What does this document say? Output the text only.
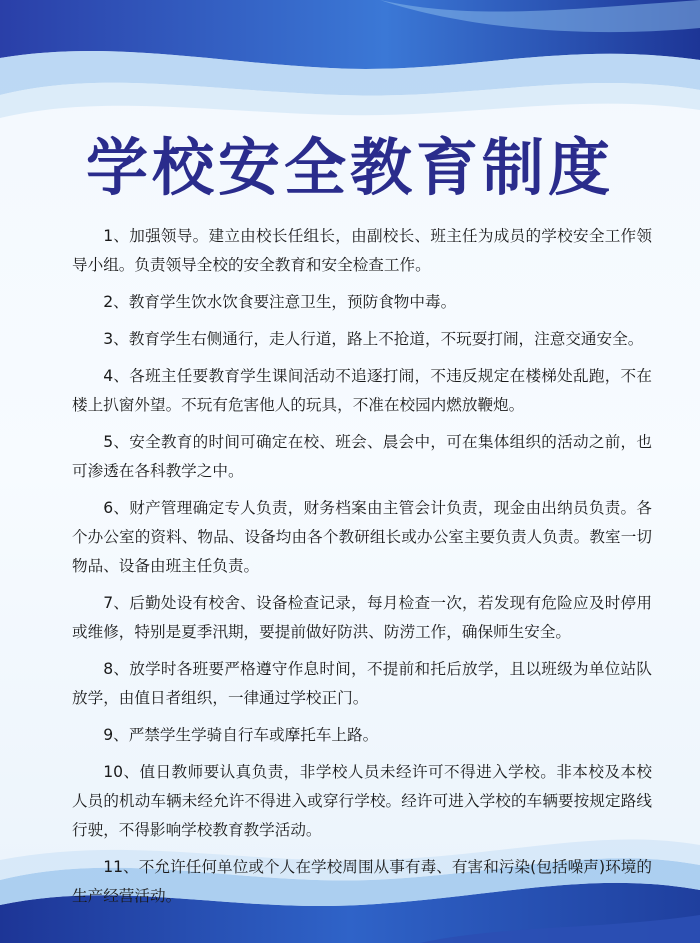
学校安全教育制度

1、加强领导。建立由校长任组长，由副校长、班主任为成员的学校安全工作领导小组。负责领导全校的安全教育和安全检查工作。

2、教育学生饮水饮食要注意卫生，预防食物中毒。

3、教育学生右侧通行，走人行道，路上不抢道，不玩耍打闹，注意交通安全。

4、各班主任要教育学生课间活动不追逐打闹，不违反规定在楼梯处乱跑，不在楼上扒窗外望。不玩有危害他人的玩具，不准在校园内燃放鞭炮。

5、安全教育的时间可确定在校、班会、晨会中，可在集体组织的活动之前，也可渗透在各科教学之中。

6、财产管理确定专人负责，财务档案由主管会计负责，现金由出纳员负责。各个办公室的资料、物品、设备均由各个教研组长或办公室主要负责人负责。教室一切物品、设备由班主任负责。

7、后勤处设有校舍、设备检查记录，每月检查一次，若发现有危险应及时停用或维修，特别是夏季汛期，要提前做好防洪、防涝工作，确保师生安全。

8、放学时各班要严格遵守作息时间，不提前和托后放学，且以班级为单位站队放学，由值日者组织，一律通过学校正门。

9、严禁学生学骑自行车或摩托车上路。

10、值日教师要认真负责，非学校人员未经许可不得进入学校。非本校及本校人员的机动车辆未经允许不得进入或穿行学校。经许可进入学校的车辆要按规定路线行驶，不得影响学校教育教学活动。

11、不允许任何单位或个人在学校周围从事有毒、有害和污染(包括噪声)环境的生产经营活动。
